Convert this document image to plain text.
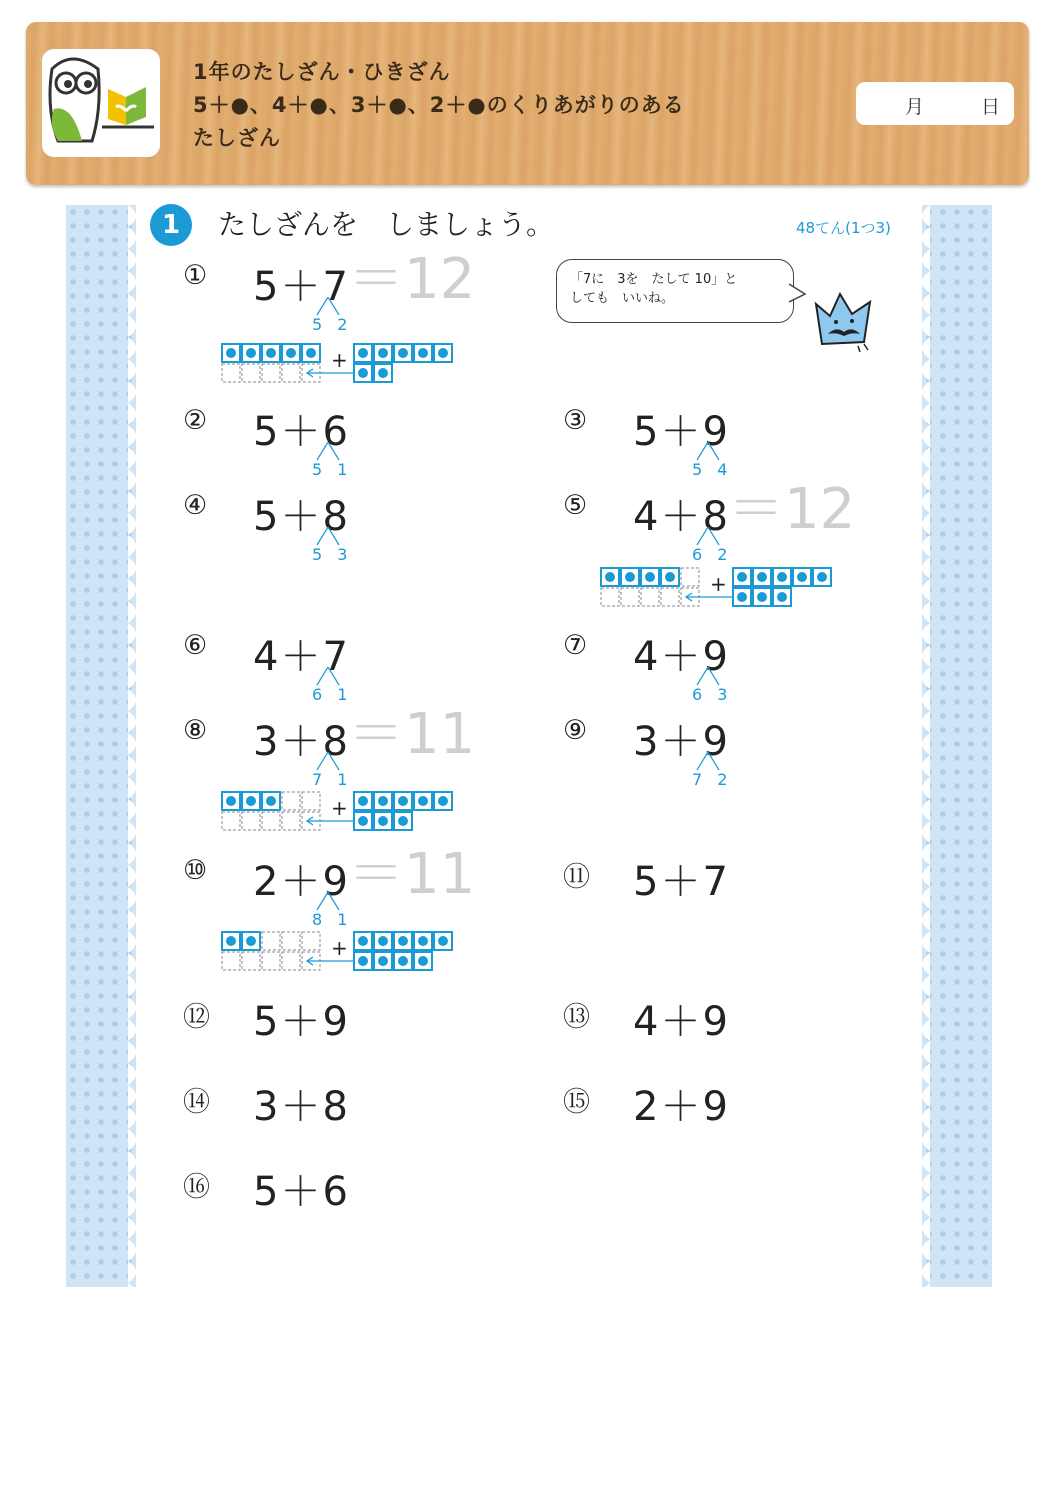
1年のたしざん・ひきざん
5＋●、4＋●、3＋●、2＋●のくりあがりのある
たしざん
月	日
1	たしざんを　しましょう。	48てん(1つ3)
「7に　3を　たして 10」と
しても　いいね。
① 5＋7
＝12
5 2
② 5＋6
5 1
③ 5＋9
5 4
④ 5＋8
5 3
⑤ 4＋8
＝12
6 2
⑥ 4＋7
6 1
⑦ 4＋9
6 3
⑧ 3＋8
＝11
7 1
⑨ 3＋9
7 2
⑩ 2＋9
＝11
8 1
⑪ 5＋7
⑫ 5＋9	⑬ 4＋9
⑭ 3＋8	⑮ 2＋9
⑯ 5＋6
+
+
+
+
